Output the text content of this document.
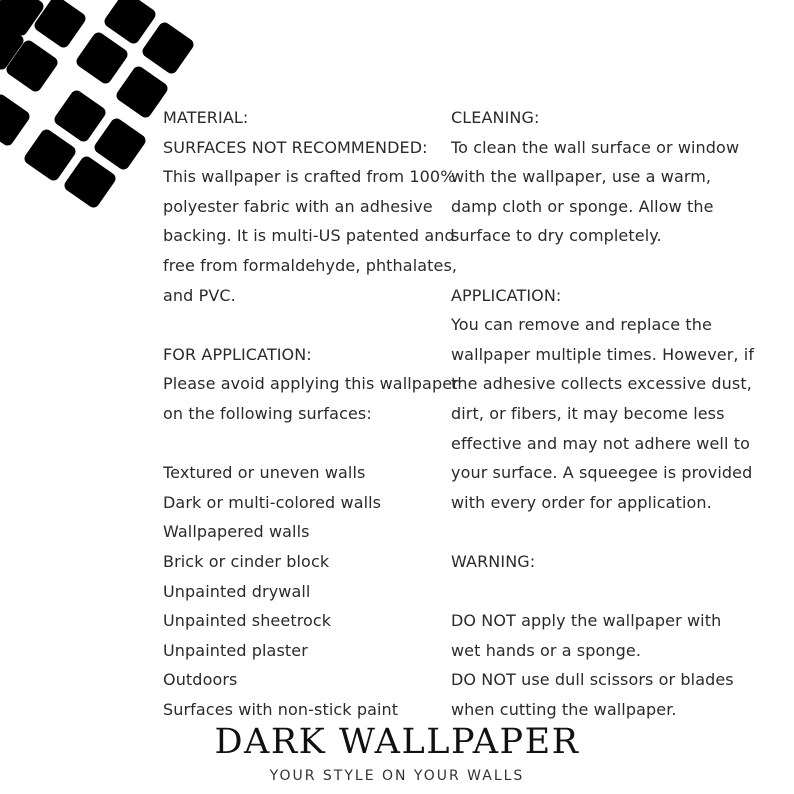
MATERIAL:
SURFACES NOT RECOMMENDED:
This wallpaper is crafted from 100%
polyester fabric with an adhesive
backing. It is multi-US patented and
free from formaldehyde, phthalates,
and PVC.
FOR APPLICATION:
Please avoid applying this wallpaper
on the following surfaces:
Textured or uneven walls
Dark or multi-colored walls
Wallpapered walls
Brick or cinder block
Unpainted drywall
Unpainted sheetrock
Unpainted plaster
Outdoors
Surfaces with non-stick paint
CLEANING:
To clean the wall surface or window
with the wallpaper, use a warm,
damp cloth or sponge. Allow the
surface to dry completely.
APPLICATION:
You can remove and replace the
wallpaper multiple times. However, if
the adhesive collects excessive dust,
dirt, or fibers, it may become less
effective and may not adhere well to
your surface. A squeegee is provided
with every order for application.
WARNING:
DO NOT apply the wallpaper with
wet hands or a sponge.
DO NOT use dull scissors or blades
when cutting the wallpaper.
DARK WALLPAPER
YOUR STYLE ON YOUR WALLS
